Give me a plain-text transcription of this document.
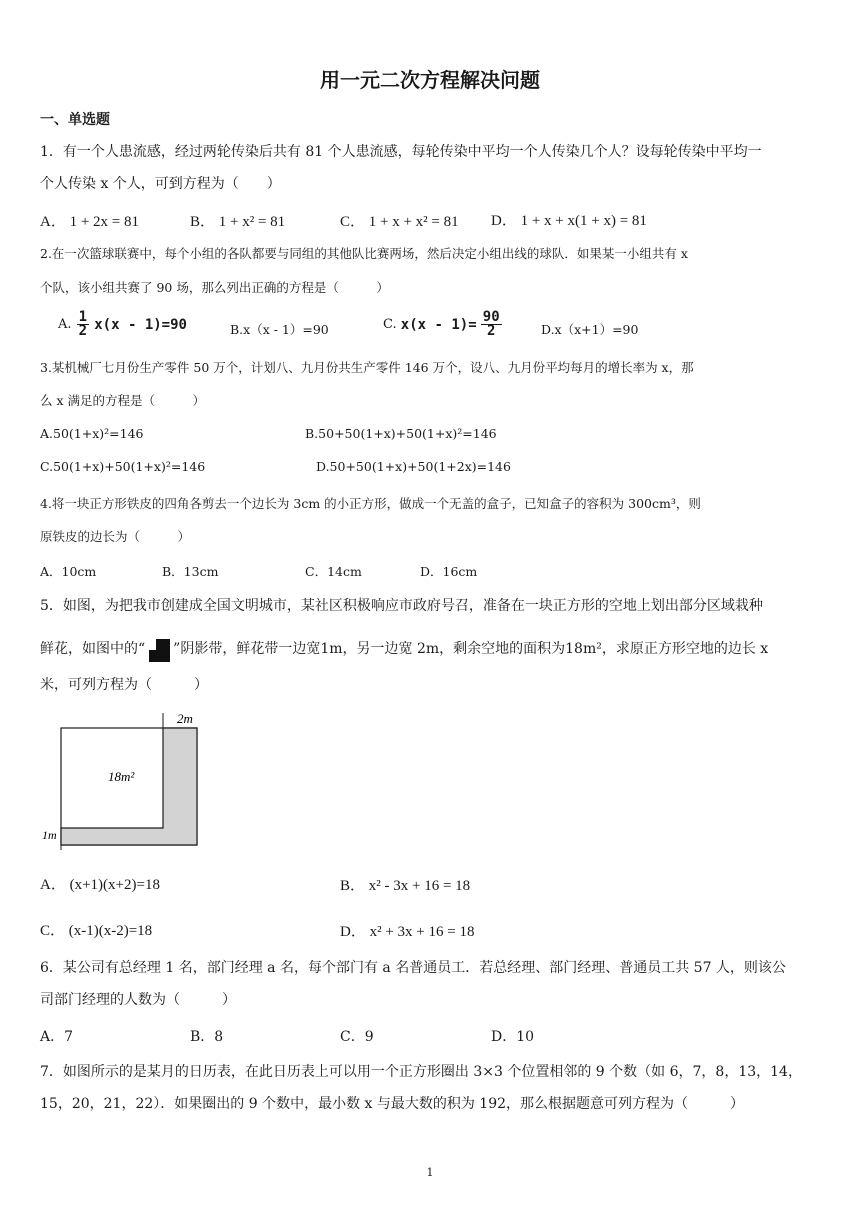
用一元二次方程解决问题
一、单选题
1．有一个人患流感，经过两轮传染后共有 81 个人患流感，每轮传染中平均一个人传染几个人？设每轮传染中平均一
个人传染 x 个人，可到方程为（　　）
A． 1 + 2x = 81	B． 1 + x² = 81	C． 1 + x + x² = 81 D． 1 + x + x(1 + x) = 81
2.在一次篮球联赛中，每个小组的各队都要与同组的其他队比赛两场，然后决定小组出线的球队．如果某一小组共有 x
个队，该小组共赛了 90 场，那么列出正确的方程是（　　　）
A. $\frac{1}{2} x(x - 1)=90$	B.x（x - 1）=90	C. $x(x - 1)= \frac{90}{2}$	D.x（x+1）=90
3.某机械厂七月份生产零件 50 万个，计划八、九月份共生产零件 146 万个，设八、九月份平均每月的增长率为 x，那
么 x 满足的方程是（　　　）
A.50(1+x)²=146	B.50+50(1+x)+50(1+x)²=146
C.50(1+x)+50(1+x)²=146	D.50+50(1+x)+50(1+2x)=146
4.将一块正方形铁皮的四角各剪去一个边长为 3cm 的小正方形，做成一个无盖的盒子，已知盒子的容积为 300cm³，则
原铁皮的边长为（　　　）
A．10cm	B．13cm	C．14cm	D．16cm
5．如图，为把我市创建成全国文明城市，某社区积极响应市政府号召，准备在一块正方形的空地上划出部分区域栽种
鲜花，如图中的“ ”阴影带，鲜花带一边宽1m，另一边宽 2m，剩余空地的面积为18m²，求原正方形空地的边长 x
米，可列方程为（　　　）
2m
18m²
1m
A． (x+1)(x+2)=18	B． x² - 3x + 16 = 18
C． (x-1)(x-2)=18	D． x² + 3x + 16 = 18
6．某公司有总经理 1 名，部门经理 a 名，每个部门有 a 名普通员工．若总经理、部门经理、普通员工共 57 人，则该公
司部门经理的人数为（　　　）
A．7	B．8	C．9	D．10
7．如图所示的是某月的日历表，在此日历表上可以用一个正方形圈出 3×3 个位置相邻的 9 个数（如 6，7，8，13，14，
15，20，21，22）．如果圈出的 9 个数中，最小数 x 与最大数的积为 192，那么根据题意可列方程为（　　　）
1
